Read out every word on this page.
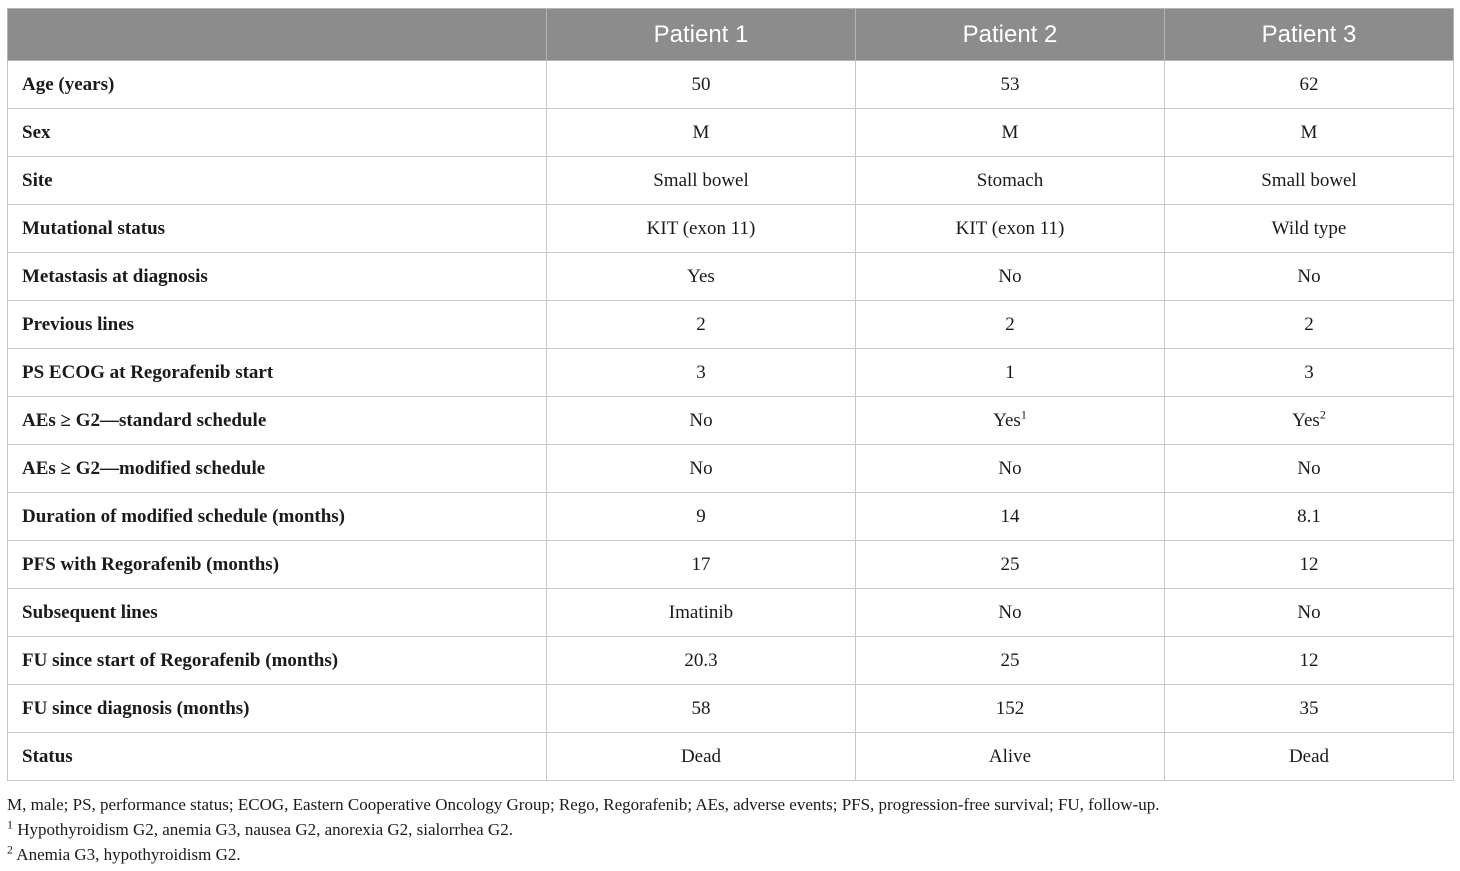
	Patient 1	Patient 2	Patient 3
Age (years)	50	53	62
Sex	M	M	M
Site	Small bowel	Stomach	Small bowel
Mutational status	KIT (exon 11)	KIT (exon 11)	Wild type
Metastasis at diagnosis	Yes	No	No
Previous lines	2	2	2
PS ECOG at Regorafenib start	3	1	3
AEs ≥ G2—standard schedule	No	Yes$^1$	Yes$^2$
AEs ≥ G2—modified schedule	No	No	No
Duration of modified schedule (months)	9	14	8.1
PFS with Regorafenib (months)	17	25	12
Subsequent lines	Imatinib	No	No
FU since start of Regorafenib (months)	20.3	25	12
FU since diagnosis (months)	58	152	35
Status	Dead	Alive	Dead
M, male; PS, performance status; ECOG, Eastern Cooperative Oncology Group; Rego, Regorafenib; AEs, adverse events; PFS, progression-free survival; FU, follow-up.
$^1$ Hypothyroidism G2, anemia G3, nausea G2, anorexia G2, sialorrhea G2.
$^2$ Anemia G3, hypothyroidism G2.
